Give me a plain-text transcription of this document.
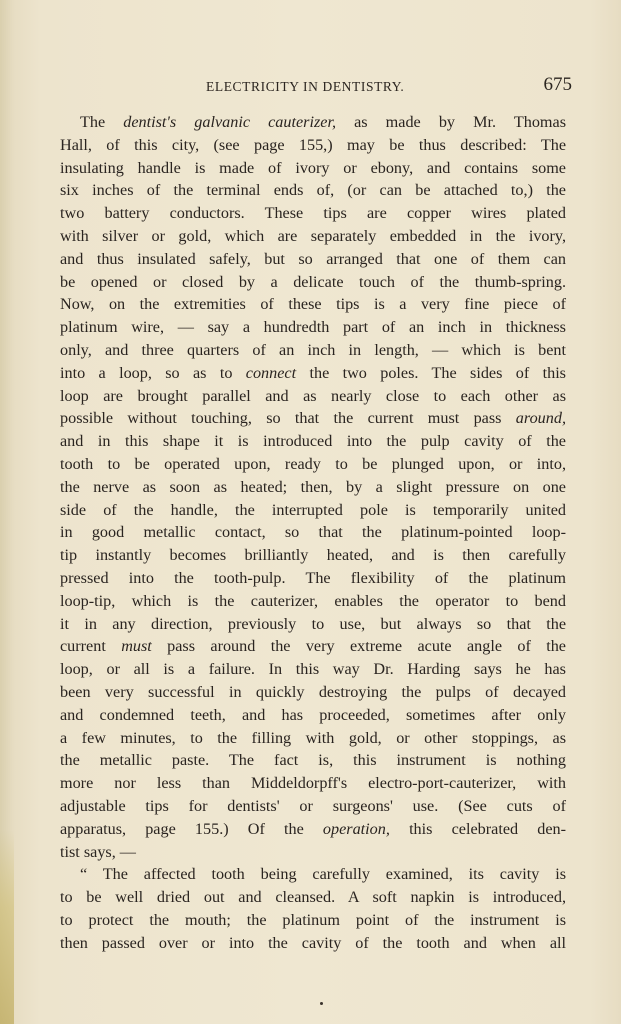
ELECTRICITY IN DENTISTRY.	675
The dentist's galvanic cauterizer, as made by Mr. Thomas
Hall, of this city, (see page 155,) may be thus described: The
insulating handle is made of ivory or ebony, and contains some
six inches of the terminal ends of, (or can be attached to,) the
two battery conductors. These tips are copper wires plated
with silver or gold, which are separately embedded in the ivory,
and thus insulated safely, but so arranged that one of them can
be opened or closed by a delicate touch of the thumb-spring.
Now, on the extremities of these tips is a very fine piece of
platinum wire, — say a hundredth part of an inch in thickness
only, and three quarters of an inch in length, — which is bent
into a loop, so as to connect the two poles. The sides of this
loop are brought parallel and as nearly close to each other as
possible without touching, so that the current must pass around,
and in this shape it is introduced into the pulp cavity of the
tooth to be operated upon, ready to be plunged upon, or into,
the nerve as soon as heated; then, by a slight pressure on one
side of the handle, the interrupted pole is temporarily united
in good metallic contact, so that the platinum-pointed loop-
tip instantly becomes brilliantly heated, and is then carefully
pressed into the tooth-pulp. The flexibility of the platinum
loop-tip, which is the cauterizer, enables the operator to bend
it in any direction, previously to use, but always so that the
current must pass around the very extreme acute angle of the
loop, or all is a failure. In this way Dr. Harding says he has
been very successful in quickly destroying the pulps of decayed
and condemned teeth, and has proceeded, sometimes after only
a few minutes, to the filling with gold, or other stoppings, as
the metallic paste. The fact is, this instrument is nothing
more nor less than Middeldorpff's electro-port-cauterizer, with
adjustable tips for dentists' or surgeons' use. (See cuts of
apparatus, page 155.) Of the operation, this celebrated den-
tist says, —
“ The affected tooth being carefully examined, its cavity is
to be well dried out and cleansed. A soft napkin is introduced,
to protect the mouth; the platinum point of the instrument is
then passed over or into the cavity of the tooth and when all
